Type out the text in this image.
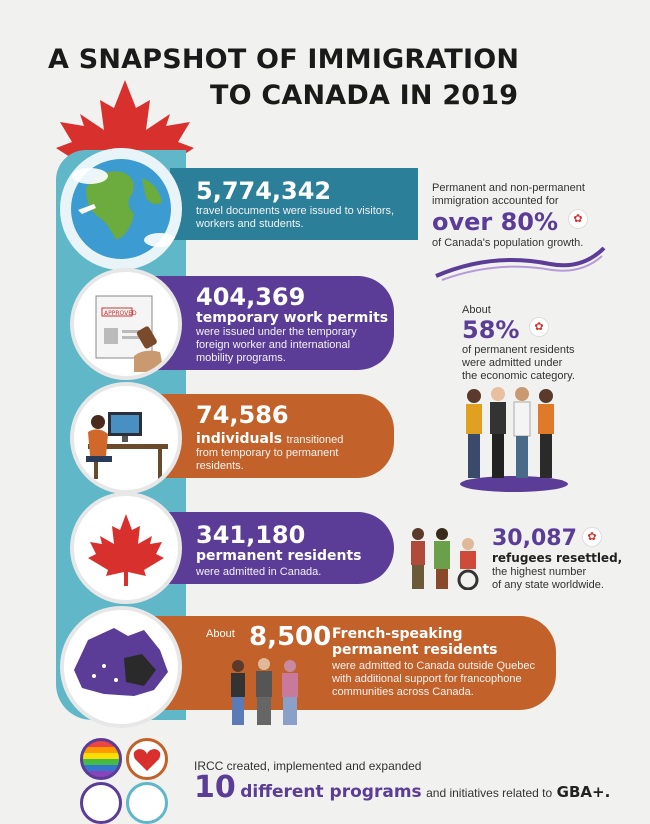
A SNAPSHOT OF IMMIGRATION
TO CANADA IN 2019
5,774,342
travel documents were issued to visitors,
workers and students.
404,369
temporary work permits
were issued under the temporary
foreign worker and international
mobility programs.
APPROVED
74,586
individuals transitioned
from temporary to permanent
residents.
341,180
permanent residents
were admitted in Canada.
About 8,500 French-speaking
permanent residents
were admitted to Canada outside Quebec
with additional support for francophone
communities across Canada.
Permanent and non-permanent
immigration accounted for
over 80%	✿
of Canada's population growth.
About
58%	✿
of permanent residents
were admitted under
the economic category.
30,087 ✿
refugees resettled,
the highest number
of any state worldwide.
IRCC created, implemented and expanded
10 different programs and initiatives related to GBA+.
